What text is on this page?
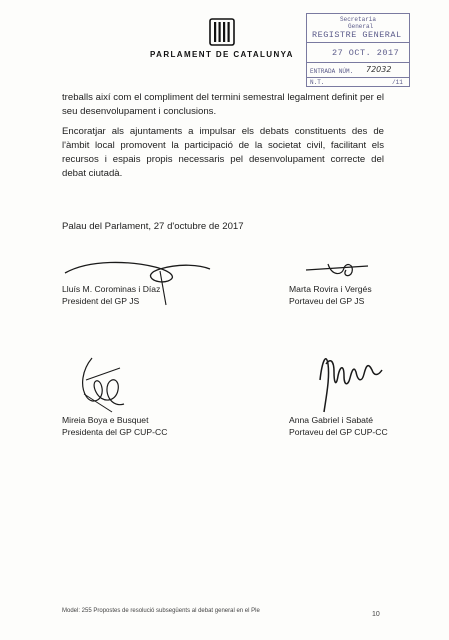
PARLAMENT DE CATALUNYA
Secretaria
General
REGISTRE GENERAL
27 OCT. 2017
ENTRADA NÚM. 72032
N.T.	/11
treballs així com el compliment del termini semestral legalment definit per el seu desenvolupament i conclusions.
Encoratjar als ajuntaments a impulsar els debats constituents des de l'àmbit local promovent la participació de la societat civil, facilitant els recursos i espais propis necessaris pel desenvolupament correcte del debat ciutadà.
Palau del Parlament, 27 d'octubre de 2017
Lluís M. Corominas i Díaz
President del GP JS
Marta Rovira i Vergés
Portaveu del GP JS
Mireia Boya e Busquet
Presidenta del GP CUP-CC
Anna Gabriel i Sabaté
Portaveu del GP CUP-CC
Model: 255 Propostes de resolució subsegüents al debat general en el Ple	10
